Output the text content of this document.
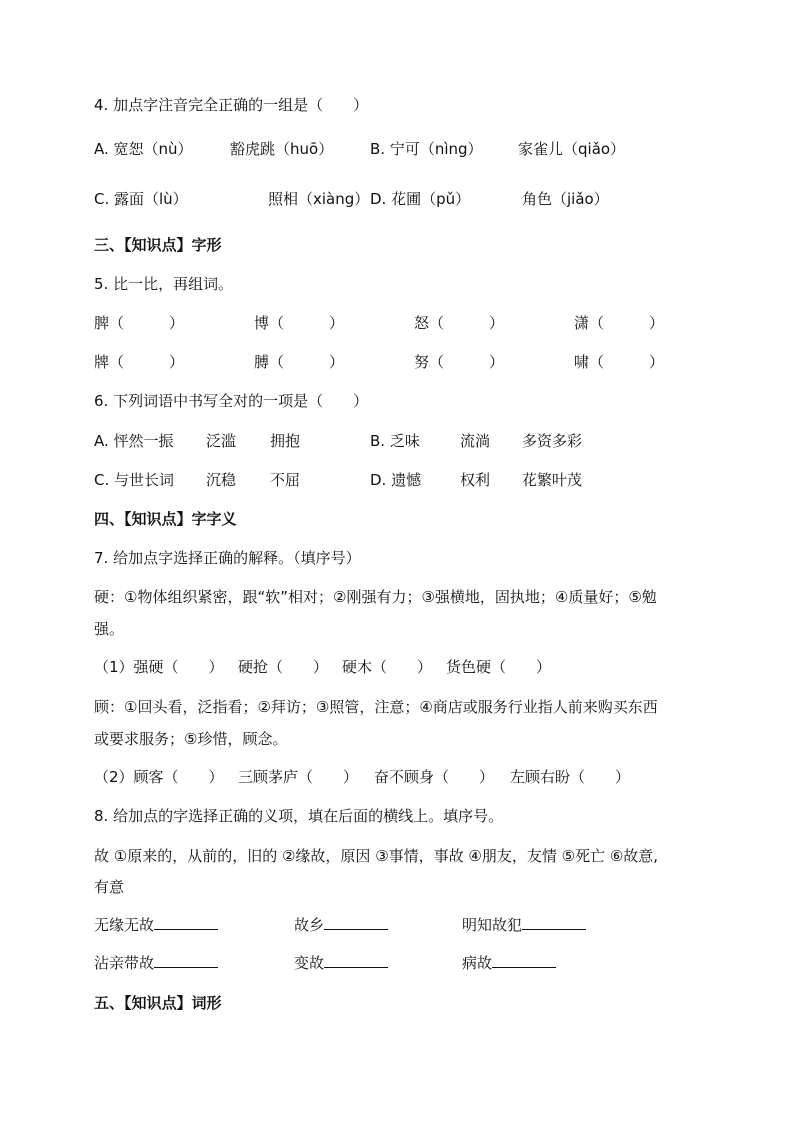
4. 加点字注音完全正确的一组是（　　）
A. 宽恕（nù） 豁虎跳（huō） B. 宁可（nìng） 家雀儿（qiǎo）
C. 露面（lù）	照相（xiàng） D. 花圃（pǔ）	角色（jiǎo）
三、【知识点】字形
5. 比一比，再组词。
脾（　　　）	博（　　　）	怒（　　　）	潇（　　　）
牌（　　　）	膊（　　　）	努（　　　）	啸（　　　）
6. 下列词语中书写全对的一项是（　　）
A. 怦然一振 泛滥 拥抱	B. 乏味	流淌 多资多彩
C. 与世长词 沉稳 不屈	D. 遗憾	权利 花繁叶茂
四、【知识点】字字义
7. 给加点字选择正确的解释。（填序号）
硬：①物体组织紧密，跟“软”相对；②刚强有力；③强横地，固执地；④质量好；⑤勉
强。
（1）强硬（　　） 硬抢（　　） 硬木（　　） 货色硬（　　）
顾：①回头看，泛指看；②拜访；③照管，注意；④商店或服务行业指人前来购买东西
或要求服务；⑤珍惜，顾念。
（2）顾客（　　） 三顾茅庐（　　） 奋不顾身（　　） 左顾右盼（　　）
8. 给加点的字选择正确的义项，填在后面的横线上。填序号。
故 ①原来的，从前的，旧的 ②缘故，原因 ③事情，事故 ④朋友，友情 ⑤死亡 ⑥故意,
有意
无缘无故	故乡	明知故犯
沾亲带故	变故	病故
五、【知识点】词形
